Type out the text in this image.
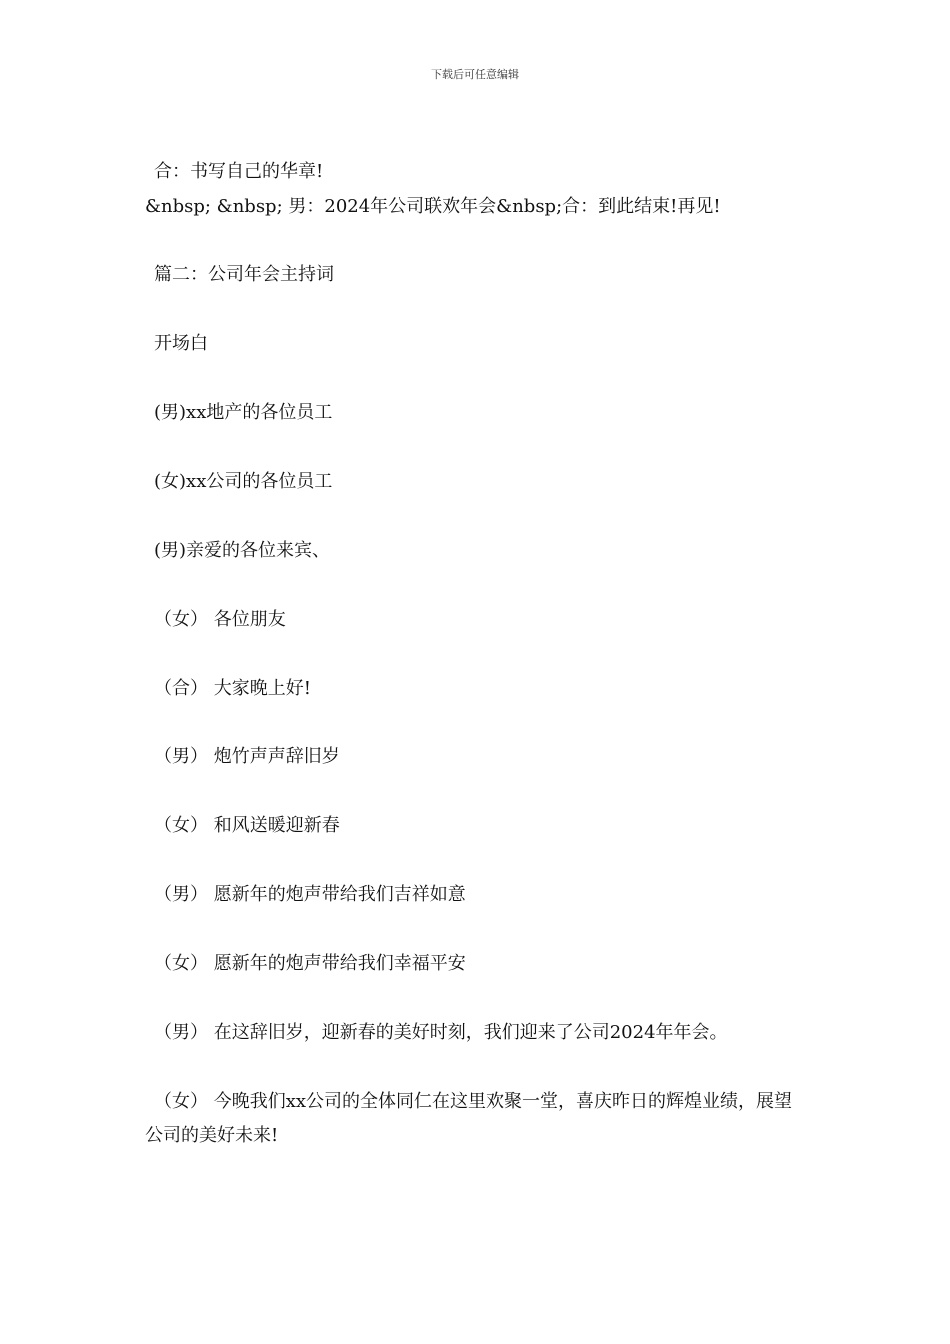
下载后可任意编辑
合：书写自己的华章!
&nbsp; &nbsp; 男：2024年公司联欢年会&nbsp;合：到此结束!再见!
篇二：公司年会主持词
开场白
(男)xx地产的各位员工
(女)xx公司的各位员工
(男)亲爱的各位来宾、
（女） 各位朋友
（合） 大家晚上好!
（男） 炮竹声声辞旧岁
（女） 和风送暖迎新春
（男） 愿新年的炮声带给我们吉祥如意
（女） 愿新年的炮声带给我们幸福平安
（男） 在这辞旧岁，迎新春的美好时刻，我们迎来了公司2024年年会。
（女） 今晚我们xx公司的全体同仁在这里欢聚一堂，喜庆昨日的辉煌业绩，展望公司的美好未来!
